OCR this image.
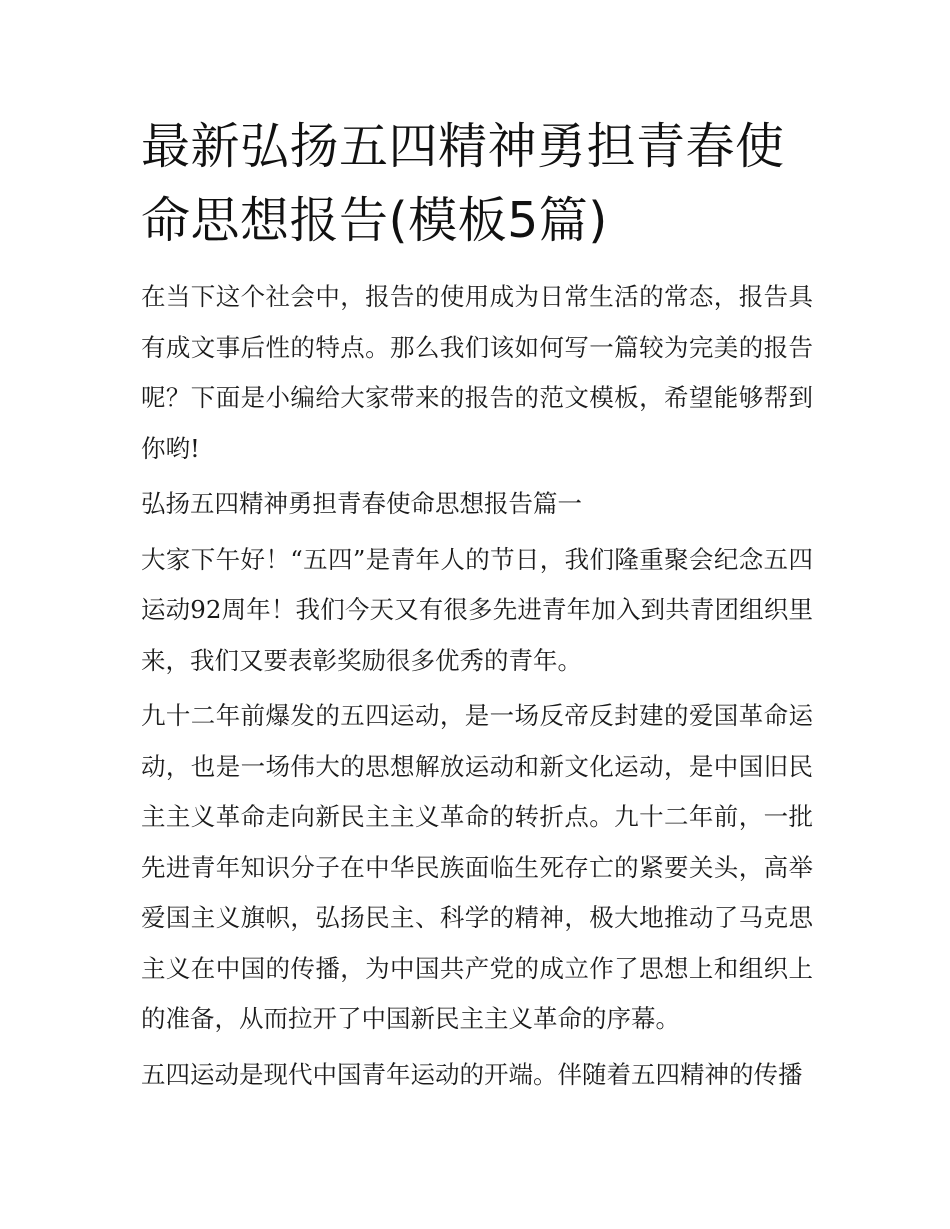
最新弘扬五四精神勇担青春使命思想报告(模板5篇)

在当下这个社会中，报告的使用成为日常生活的常态，报告具有成文事后性的特点。那么我们该如何写一篇较为完美的报告呢？下面是小编给大家带来的报告的范文模板，希望能够帮到你哟!

弘扬五四精神勇担青春使命思想报告篇一

大家下午好！“五四”是青年人的节日，我们隆重聚会纪念五四运动92周年！我们今天又有很多先进青年加入到共青团组织里来，我们又要表彰奖励很多优秀的青年。

九十二年前爆发的五四运动，是一场反帝反封建的爱国革命运动，也是一场伟大的思想解放运动和新文化运动，是中国旧民主主义革命走向新民主主义革命的转折点。九十二年前，一批先进青年知识分子在中华民族面临生死存亡的紧要关头，高举爱国主义旗帜，弘扬民主、科学的精神，极大地推动了马克思主义在中国的传播，为中国共产党的成立作了思想上和组织上的准备，从而拉开了中国新民主主义革命的序幕。

五四运动是现代中国青年运动的开端。伴随着五四精神的传播
